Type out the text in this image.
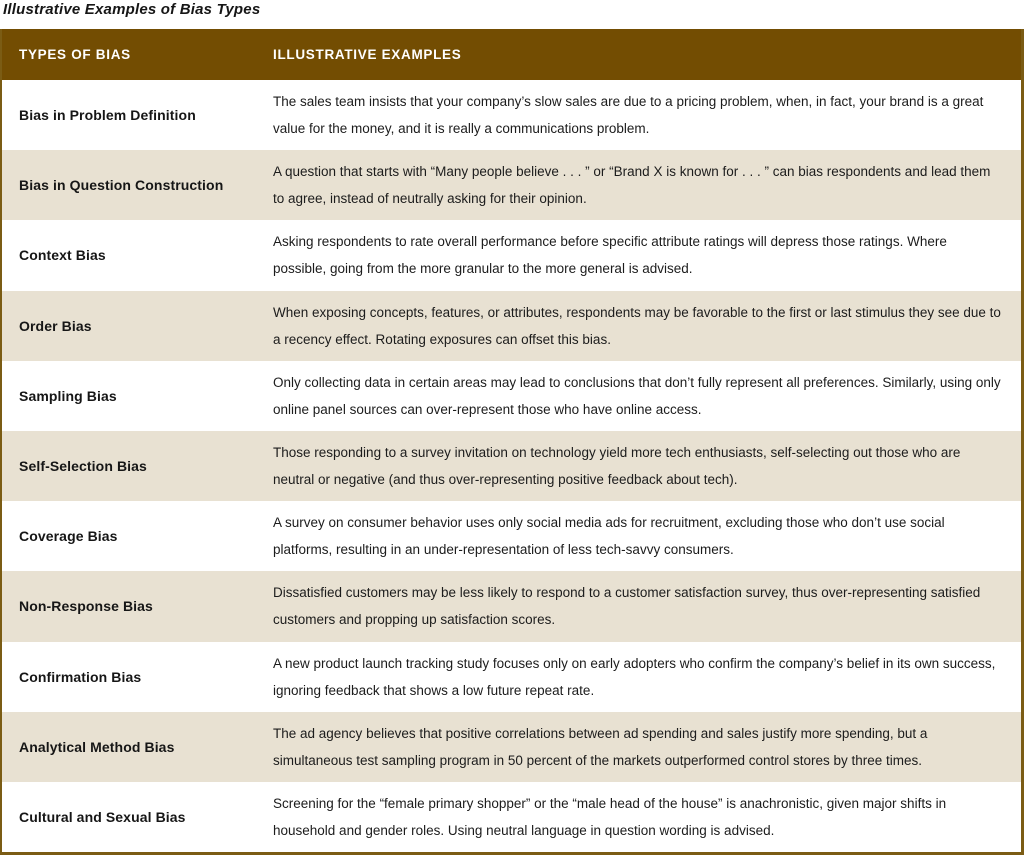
Illustrative Examples of Bias Types
TYPES OF BIAS	ILLUSTRATIVE EXAMPLES
Bias in Problem Definition
The sales team insists that your company’s slow sales are due to a pricing problem, when, in fact, your brand is a great value for the money, and it is really a communications problem.
Bias in Question Construction
A question that starts with “Many people believe . . . ” or “Brand X is known for . . . ” can bias respondents and lead them to agree, instead of neutrally asking for their opinion.
Context Bias
Asking respondents to rate overall performance before specific attribute ratings will depress those ratings. Where possible, going from the more granular to the more general is advised.
Order Bias
When exposing concepts, features, or attributes, respondents may be favorable to the first or last stimulus they see due to a recency effect. Rotating exposures can offset this bias.
Sampling Bias
Only collecting data in certain areas may lead to conclusions that don’t fully represent all preferences. Similarly, using only online panel sources can over-represent those who have online access.
Self-Selection Bias
Those responding to a survey invitation on technology yield more tech enthusiasts, self-selecting out those who are neutral or negative (and thus over-representing positive feedback about tech).
Coverage Bias
A survey on consumer behavior uses only social media ads for recruitment, excluding those who don’t use social platforms, resulting in an under-representation of less tech-savvy consumers.
Non-Response Bias
Dissatisfied customers may be less likely to respond to a customer satisfaction survey, thus over-representing satisfied customers and propping up satisfaction scores.
Confirmation Bias
A new product launch tracking study focuses only on early adopters who confirm the company’s belief in its own success, ignoring feedback that shows a low future repeat rate.
Analytical Method Bias
The ad agency believes that positive correlations between ad spending and sales justify more spending, but a simultaneous test sampling program in 50 percent of the markets outperformed control stores by three times.
Cultural and Sexual Bias
Screening for the “female primary shopper” or the “male head of the house” is anachronistic, given major shifts in household and gender roles. Using neutral language in question wording is advised.
